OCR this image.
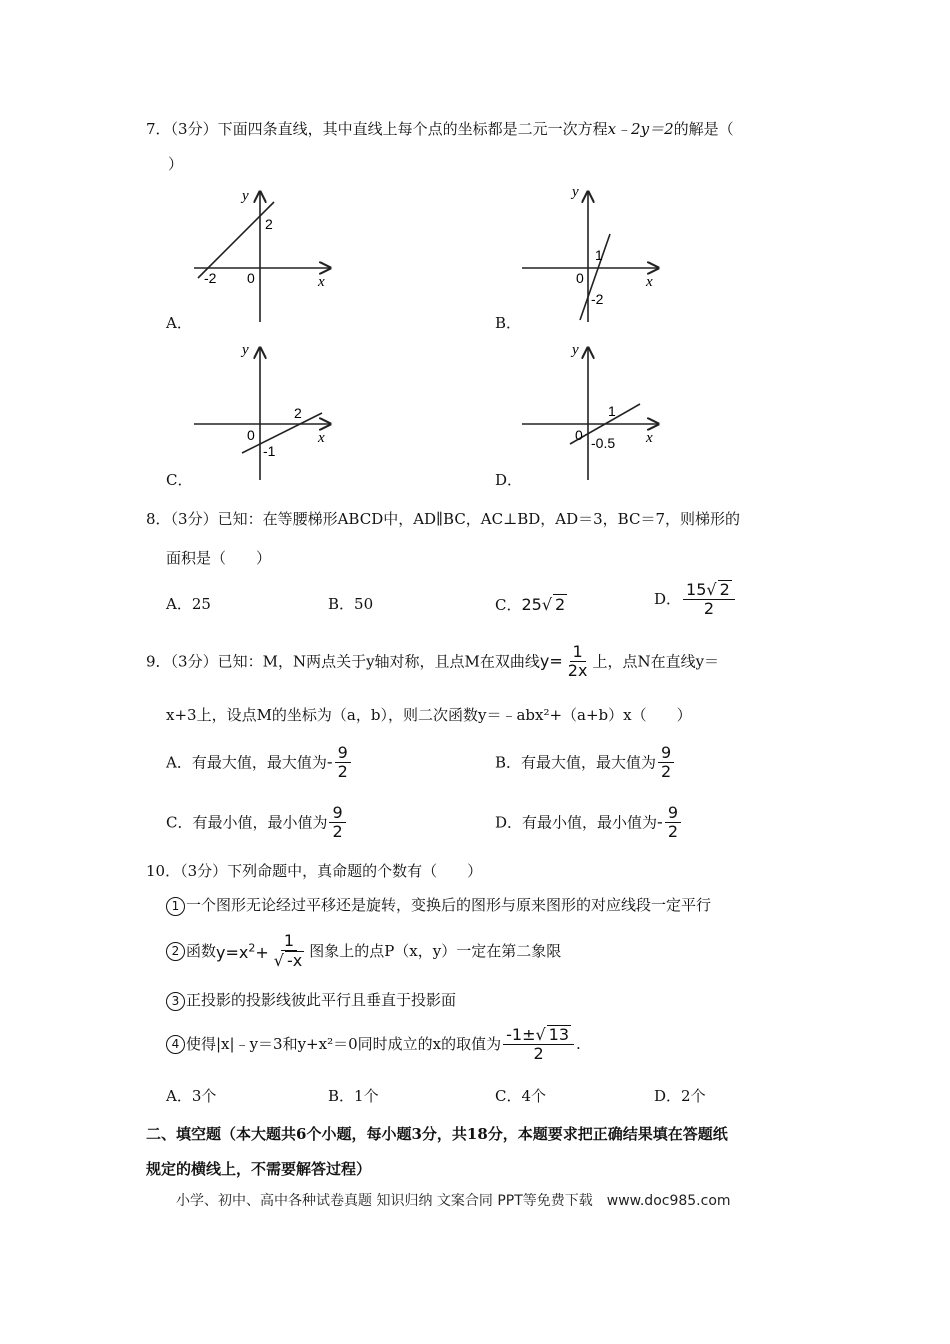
7．（3分）下面四条直线，其中直线上每个点的坐标都是二元一次方程x﹣2y＝2的解是（
）
y
x
-2
2
0
A．
y
x
1
-2
0
B．
y
x
2
-1
0
C．
y
x
1
-0.5
0
D．
8．（3分）已知：在等腰梯形ABCD中，AD∥BC，AC⊥BD，AD＝3，BC＝7，则梯形的
面积是（　　）
A．25	B．50	C．25√ 2	D． $\frac{15√ 2}{2}$
9．（3分）已知：M，N两点关于y轴对称，且点M在双曲线$y= \frac{1}{2x}$ 上，点N在直线y＝
x+3上，设点M的坐标为（a，b），则二次函数y＝﹣abx²+（a+b）x（　　）
A．有最大值，最大值为- $\frac{9}{2}$	B．有最大值，最大值为 $\frac{9}{2}$
C．有最小值，最小值为 $\frac{9}{2}$	D．有最小值，最小值为- $\frac{9}{2}$
10．（3分）下列命题中，真命题的个数有（　　）
1 一个图形无论经过平移还是旋转，变换后的图形与原来图形的对应线段一定平行
2 函数$y=x^2+ \frac{1}{√ -x}$ 图象上的点P（x，y）一定在第二象限
3 正投影的投影线彼此平行且垂直于投影面
4 使得|x|﹣y＝3和y+x²＝0同时成立的x的取值为 $\frac{-1\pm√ 13}{2}$ .
A．3个	B．1个	C．4个	D．2个
二、填空题（本大题共6个小题，每小题3分，共18分，本题要求把正确结果填在答题纸
规定的横线上，不需要解答过程）
小学、初中、高中各种试卷真题 知识归纳 文案合同 PPT等免费下载　www.doc985.com
